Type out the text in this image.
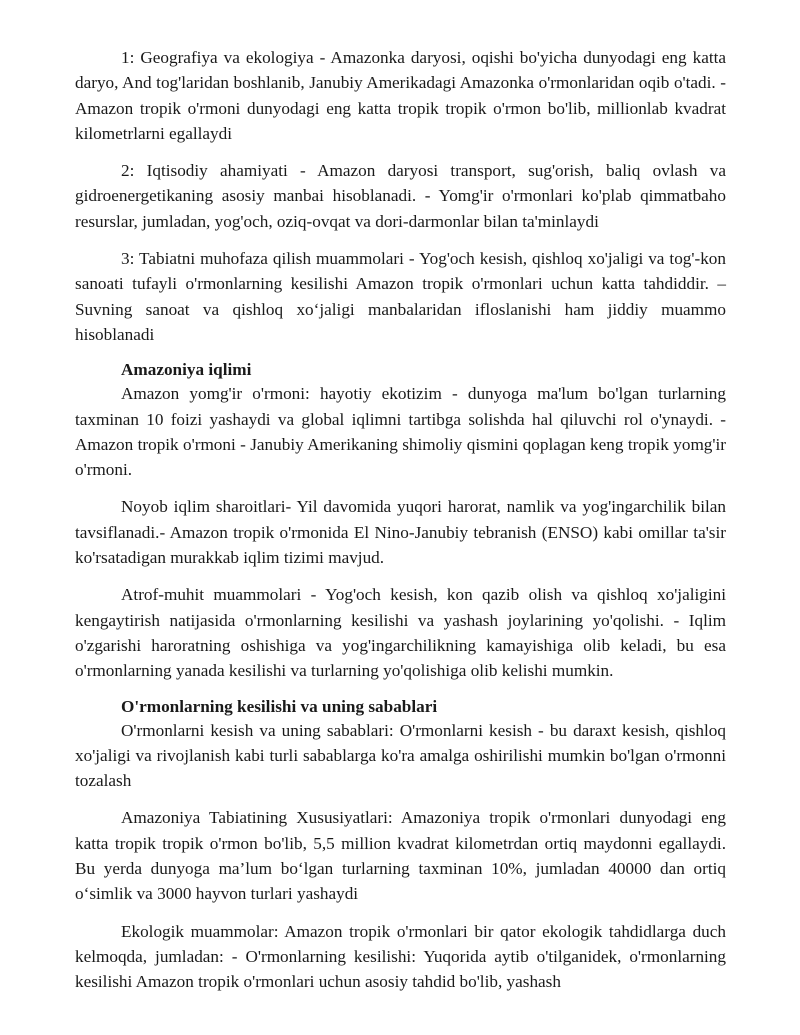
1: Geografiya va ekologiya - Amazonka daryosi, oqishi bo'yicha dunyodagi eng katta daryo, And tog'laridan boshlanib, Janubiy Amerikadagi Amazonka o'rmonlaridan oqib o'tadi. - Amazon tropik o'rmoni dunyodagi eng katta tropik tropik o'rmon bo'lib, millionlab kvadrat kilometrlarni egallaydi

2: Iqtisodiy ahamiyati - Amazon daryosi transport, sug'orish, baliq ovlash va gidroenergetikaning asosiy manbai hisoblanadi. - Yomg'ir o'rmonlari ko'plab qimmatbaho resurslar, jumladan, yog'och, oziq-ovqat va dori-darmonlar bilan ta'minlaydi

3: Tabiatni muhofaza qilish muammolari - Yog'och kesish, qishloq xo'jaligi va tog'-kon sanoati tufayli o'rmonlarning kesilishi Amazon tropik o'rmonlari uchun katta tahdiddir. – Suvning sanoat va qishloq xo‘jaligi manbalaridan ifloslanishi ham jiddiy muammo hisoblanadi

Amazoniya iqlimi

Amazon yomg'ir o'rmoni: hayotiy ekotizim - dunyoga ma'lum bo'lgan turlarning taxminan 10 foizi yashaydi va global iqlimni tartibga solishda hal qiluvchi rol o'ynaydi. - Amazon tropik o'rmoni - Janubiy Amerikaning shimoliy qismini qoplagan keng tropik yomg'ir o'rmoni.

Noyob iqlim sharoitlari- Yil davomida yuqori harorat, namlik va yog'ingarchilik bilan tavsiflanadi.- Amazon tropik o'rmonida El Nino-Janubiy tebranish (ENSO) kabi omillar ta'sir ko'rsatadigan murakkab iqlim tizimi mavjud.

Atrof-muhit muammolari - Yog'och kesish, kon qazib olish va qishloq xo'jaligini kengaytirish natijasida o'rmonlarning kesilishi va yashash joylarining yo'qolishi. - Iqlim o'zgarishi haroratning oshishiga va yog'ingarchilikning kamayishiga olib keladi, bu esa o'rmonlarning yanada kesilishi va turlarning yo'qolishiga olib kelishi mumkin.

O'rmonlarning kesilishi va uning sabablari

O'rmonlarni kesish va uning sabablari: O'rmonlarni kesish - bu daraxt kesish, qishloq xo'jaligi va rivojlanish kabi turli sabablarga ko'ra amalga oshirilishi mumkin bo'lgan o'rmonni tozalash

Amazoniya Tabiatining Xususiyatlari: Amazoniya tropik o'rmonlari dunyodagi eng katta tropik tropik o'rmon bo'lib, 5,5 million kvadrat kilometrdan ortiq maydonni egallaydi. Bu yerda dunyoga ma’lum bo‘lgan turlarning taxminan 10%, jumladan 40000 dan ortiq o‘simlik va 3000 hayvon turlari yashaydi

Ekologik muammolar: Amazon tropik o'rmonlari bir qator ekologik tahdidlarga duch kelmoqda, jumladan: - O'rmonlarning kesilishi: Yuqorida aytib o'tilganidek, o'rmonlarning kesilishi Amazon tropik o'rmonlari uchun asosiy tahdid bo'lib, yashash
